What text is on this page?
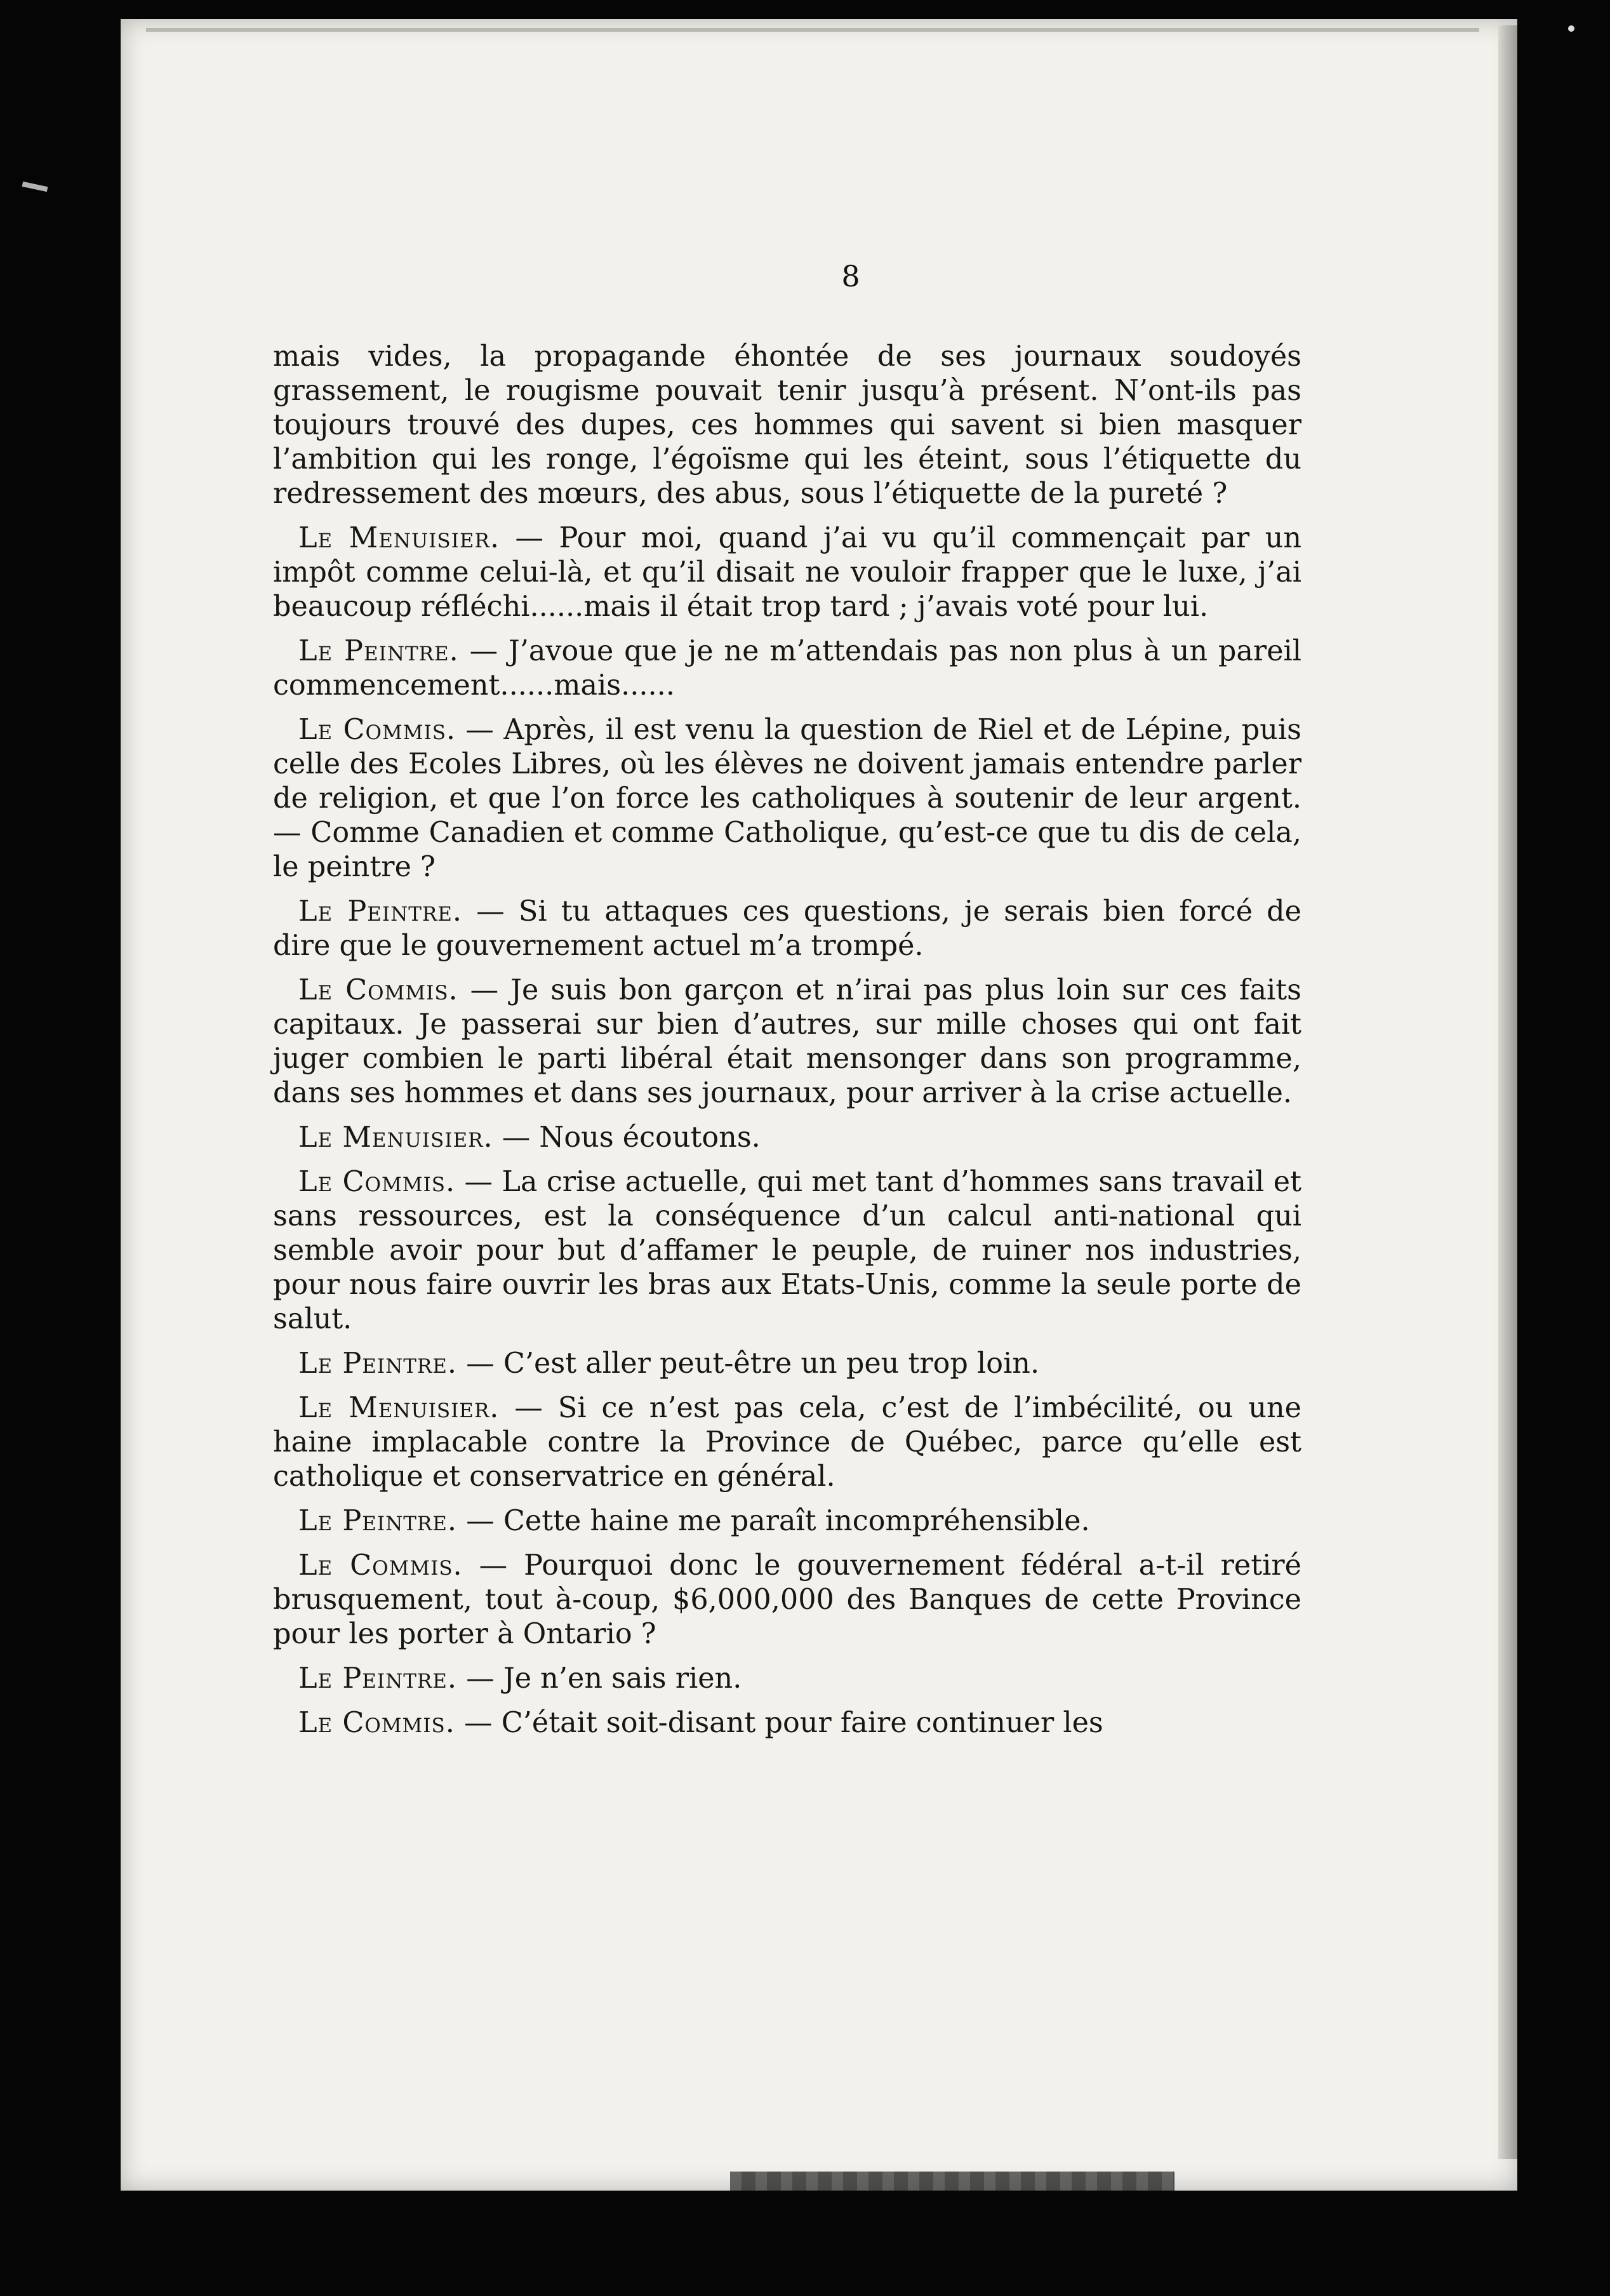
8

mais vides, la propagande éhontée de ses journaux soudoyés grassement, le rougisme pouvait tenir jusqu’à présent. N’ont-ils pas toujours trouvé des dupes, ces hommes qui savent si bien masquer l’ambition qui les ronge, l’égoïsme qui les éteint, sous l’étiquette du redressement des mœurs, des abus, sous l’étiquette de la pureté ?

Le Menuisier. — Pour moi, quand j’ai vu qu’il commençait par un impôt comme celui-là, et qu’il disait ne vouloir frapper que le luxe, j’ai beaucoup réfléchi......mais il était trop tard ; j’avais voté pour lui.

Le Peintre. — J’avoue que je ne m’attendais pas non plus à un pareil commencement......mais......

Le Commis. — Après, il est venu la question de Riel et de Lépine, puis celle des Ecoles Libres, où les élèves ne doivent jamais entendre parler de religion, et que l’on force les catholiques à soutenir de leur argent. — Comme Canadien et comme Catholique, qu’est-ce que tu dis de cela, le peintre ?

Le Peintre. — Si tu attaques ces questions, je serais bien forcé de dire que le gouvernement actuel m’a trompé.

Le Commis. — Je suis bon garçon et n’irai pas plus loin sur ces faits capitaux. Je passerai sur bien d’autres, sur mille choses qui ont fait juger combien le parti libéral était mensonger dans son programme, dans ses hommes et dans ses journaux, pour arriver à la crise actuelle.

Le Menuisier. — Nous écoutons.

Le Commis. — La crise actuelle, qui met tant d’hommes sans travail et sans ressources, est la conséquence d’un calcul anti-national qui semble avoir pour but d’affamer le peuple, de ruiner nos industries, pour nous faire ouvrir les bras aux Etats-Unis, comme la seule porte de salut.

Le Peintre. — C’est aller peut-être un peu trop loin.

Le Menuisier. — Si ce n’est pas cela, c’est de l’imbécilité, ou une haine implacable contre la Province de Québec, parce qu’elle est catholique et conservatrice en général.

Le Peintre. — Cette haine me paraît incompréhensible.

Le Commis. — Pourquoi donc le gouvernement fédéral a-t-il retiré brusquement, tout à-coup, $6,000,000 des Banques de cette Province pour les porter à Ontario ?

Le Peintre. — Je n’en sais rien.

Le Commis. — C’était soit-disant pour faire continuer les
